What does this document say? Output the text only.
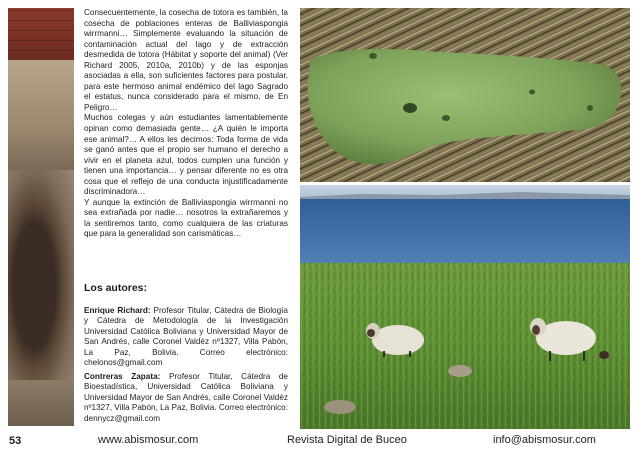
Consecuentemente, la cosecha de totora es también, la cosecha de poblaciones enteras de Balliviaspongia wirrmanni… Simplemente evaluando la situación de contaminación actual del lago y de extracción desmedida de totora (Hábitat y soporte del animal) (Ver Richard 2005, 2010a, 2010b) y de las esponjas asociadas a ella, son suficientes factores para postular, para este hermoso animal endémico del lago Sagrado el estatus, nunca considerado para el mismo, de En Peligro…

Muchos colegas y aún estudiantes lamentablemente opinan como demasiada gente… ¿A quién le importa ese animal?… A ellos les decimos: Toda forma de vida se ganó antes que el propio ser humano el derecho a vivir en el planeta azul, todos cumplen una función y tienen una importancia… y pensar diferente no es otra cosa que el reflejo de una conducta injustificadamente discriminadora…

Y aunque la extinción de Balliviaspongia wirrmanni no sea extrañada por nadie… nosotros la extrañaremos y la sentiremos tanto, como cualquiera de las criaturas que para la generalidad son carismáticas…

Los autores:

Enrique Richard: Profesor Titular, Cátedra de Biología y Cátedra de Metodología de la Investigación Universidad Católica Boliviana y Universidad Mayor de San Andrés, calle Coronel Valdéz nº1327, Villa Pabón, La Paz, Bolivia. Correo electrónico: chelonos@gmail.com

Contreras Zapata: Profesor Titular, Cátedra de Bioestadística, Universidad Católica Boliviana y Universidad Mayor de San Andrés, calle Coronel Valdéz nº1327, Villa Pabón, La Paz, Bolivia. Correo electrónico: dennycz@gmail.com

53	www.abismosur.com	Revista Digital de Buceo	info@abismosur.com
